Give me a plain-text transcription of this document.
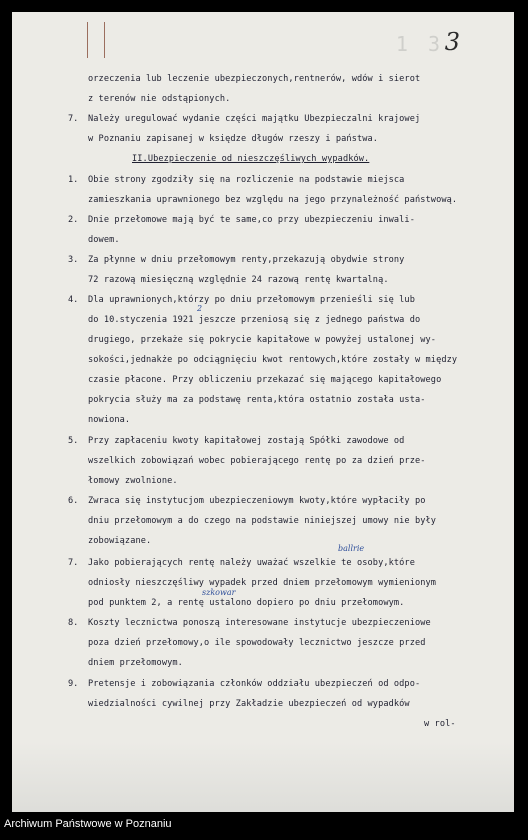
1 3 3
orzeczenia lub leczenie ubezpieczonych,rentnerów, wdów i sierot
z terenów nie odstąpionych.
7. Należy uregulować wydanie części majątku Ubezpieczalni krajowej
w Poznaniu zapisanej w księdze długów rzeszy i państwa.
II.Ubezpieczenie od nieszczęśliwych wypadków.
1. Obie strony zgodziły się na rozliczenie na podstawie miejsca
zamieszkania uprawnionego bez względu na jego przynależność państwową.
2. Dnie przełomowe mają być te same,co przy ubezpieczeniu inwali-
dowem.
3. Za płynne w dniu przełomowym renty,przekazują obydwie strony
72 razową miesięczną względnie 24 razową rentę kwartalną.
4. Dla uprawnionych,którzy po dniu przełomowym przenieśli się lub
do 10.styczenia 1921 jeszcze przeniosą się z jednego państwa do
2
drugiego, przekaże się pokrycie kapitałowe w powyżej ustalonej wy-
sokości,jednakże po odciągnięciu kwot rentowych,które zostały w między
czasie płacone. Przy obliczeniu przekazać się mającego kapitałowego
pokrycia służy ma za podstawę renta,która ostatnio została usta-
nowiona.
5. Przy zapłaceniu kwoty kapitałowej zostają Spółki zawodowe od
wszelkich zobowiązań wobec pobierającego rentę po za dzień prze-
łomowy zwolnione.
6. Zwraca się instytucjom ubezpieczeniowym kwoty,które wypłaciły po
dniu przełomowym a do czego na podstawie niniejszej umowy nie były
zobowiązane.
ballrie
7. Jako pobierających rentę należy uważać wszelkie te osoby,które
odniosły nieszczęśliwy wypadek przed dniem przełomowym wymienionym
szkowar
pod punktem 2, a rentę ustalono dopiero po dniu przełomowym.
8. Koszty lecznictwa ponoszą interesowane instytucje ubezpieczeniowe
poza dzień przełomowy,o ile spowodowały lecznictwo jeszcze przed
dniem przełomowym.
9. Pretensje i zobowiązania członków oddziału ubezpieczeń od odpo-
wiedzialności cywilnej przy Zakładzie ubezpieczeń od wypadków
w rol-
Archiwum Państwowe w Poznaniu
